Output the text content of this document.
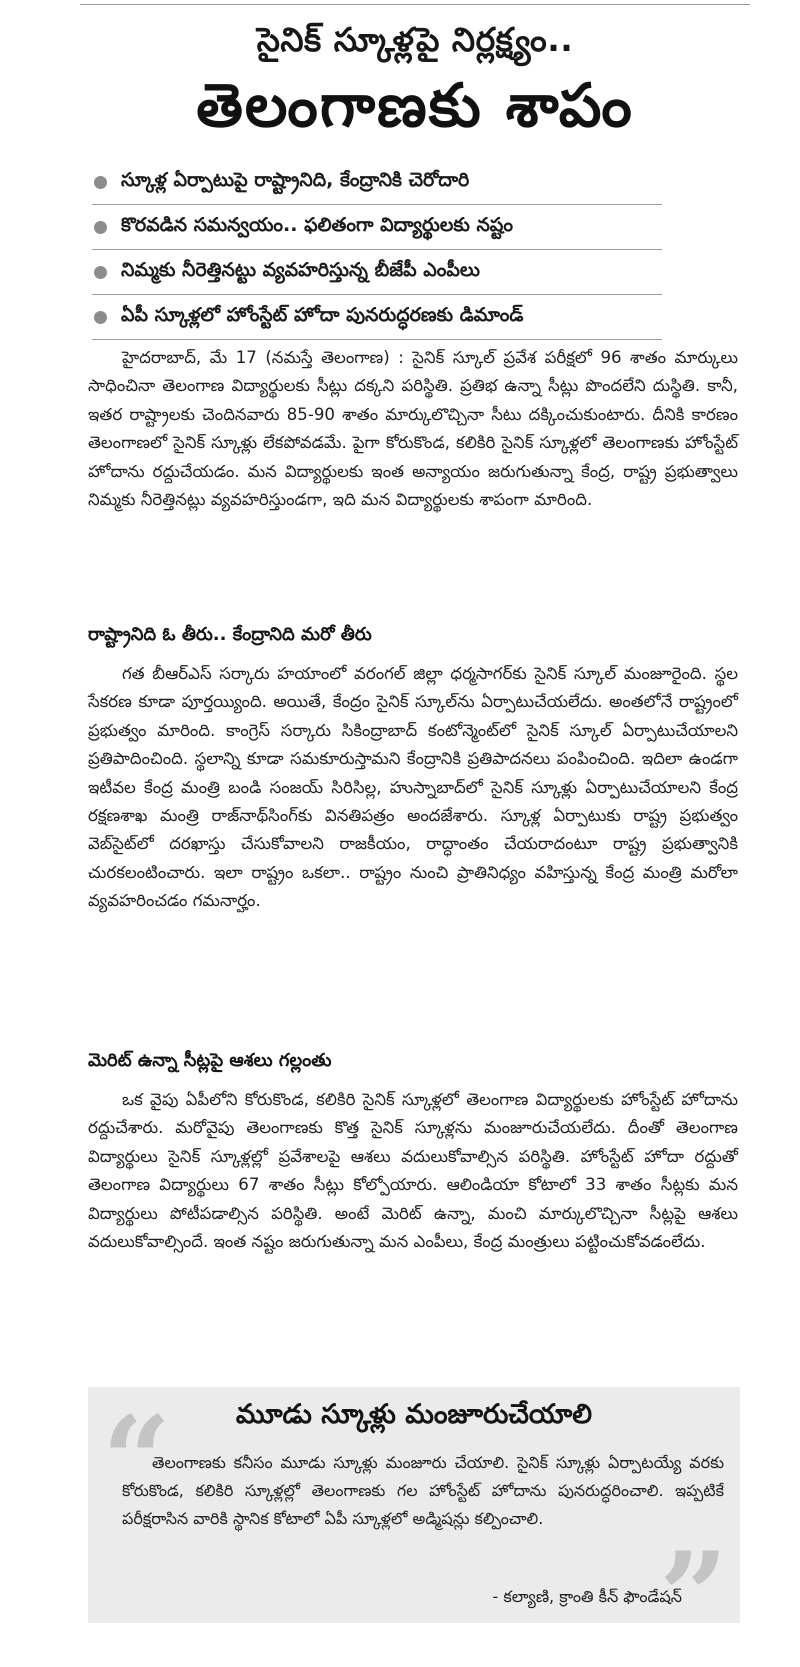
సైనిక్ స్కూళ్లపై నిర్లక్ష్యం..
తెలంగాణకు శాపం
స్కూళ్ల ఏర్పాటుపై రాష్ట్రానిది, కేంద్రానికి చెరోదారి
కొరవడిన సమన్వయం.. ఫలితంగా విద్యార్థులకు నష్టం
నిమ్మకు నీరెత్తినట్టు వ్యవహరిస్తున్న బీజేపీ ఎంపీలు
ఏపీ స్కూళ్లలో హోంస్టేట్ హోదా పునరుద్ధరణకు డిమాండ్

హైదరాబాద్, మే 17 (నమస్తే తెలంగాణ) : సైనిక్ స్కూల్ ప్రవేశ పరీక్షలో 96 శాతం మార్కులు సాధించినా తెలంగాణ విద్యార్థులకు సీట్లు దక్కని పరిస్థితి. ప్రతిభ ఉన్నా సీట్లు పొందలేని దుస్థితి. కానీ, ఇతర రాష్ట్రాలకు చెందినవారు 85-90 శాతం మార్కులొచ్చినా సీటు దక్కించుకుంటారు. దీనికి కారణం తెలంగాణలో సైనిక్ స్కూళ్లు లేకపోవడమే. పైగా కోరుకొండ, కలికిరి సైనిక్ స్కూళ్లలో తెలంగాణకు హోంస్టేట్ హోదాను రద్దుచేయడం. మన విద్యార్థులకు ఇంత అన్యాయం జరుగుతున్నా కేంద్ర, రాష్ట్ర ప్రభుత్వాలు నిమ్మకు నీరెత్తినట్లు వ్యవహరిస్తుండగా, ఇది మన విద్యార్థులకు శాపంగా మారింది.

రాష్ట్రానిది ఓ తీరు.. కేంద్రానిది మరో తీరు

గత బీఆర్ఎస్ సర్కారు హయాంలో వరంగల్ జిల్లా ధర్మసాగర్‌కు సైనిక్ స్కూల్ మంజూరైంది. స్థల సేకరణ కూడా పూర్తయ్యింది. అయితే, కేంద్రం సైనిక్ స్కూల్‌ను ఏర్పాటుచేయలేదు. అంతలోనే రాష్ట్రంలో ప్రభుత్వం మారింది. కాంగ్రెస్ సర్కారు సికింద్రాబాద్ కంటోన్మెంట్‌లో సైనిక్ స్కూల్ ఏర్పాటుచేయాలని ప్రతిపాదించింది. స్థలాన్ని కూడా సమకూరుస్తామని కేంద్రానికి ప్రతిపాదనలు పంపించింది. ఇదిలా ఉండగా ఇటీవల కేంద్ర మంత్రి బండి సంజయ్ సిరిసిల్ల, హుస్నాబాద్‌లో సైనిక్ స్కూళ్లు ఏర్పాటుచేయాలని కేంద్ర రక్షణశాఖ మంత్రి రాజ్‌నాథ్‌సింగ్‌కు వినతిపత్రం అందజేశారు. స్కూళ్ల ఏర్పాటుకు రాష్ట్ర ప్రభుత్వం వెబ్‌సైట్‌లో దరఖాస్తు చేసుకోవాలని రాజకీయం, రాద్ధాంతం చేయరాదంటూ రాష్ట్ర ప్రభుత్వానికి చురకలంటించారు. ఇలా రాష్ట్రం ఒకలా.. రాష్ట్రం నుంచి ప్రాతినిధ్యం వహిస్తున్న కేంద్ర మంత్రి మరోలా వ్యవహరించడం గమనార్హం.

మెరిట్ ఉన్నా సీట్లపై ఆశలు గల్లంతు

ఒక వైపు ఏపీలోని కోరుకొండ, కలికిరి సైనిక్ స్కూళ్లలో తెలంగాణ విద్యార్థులకు హోంస్టేట్ హోదాను రద్దుచేశారు. మరోవైపు తెలంగాణకు కొత్త సైనిక్ స్కూళ్లను మంజూరుచేయలేదు. దీంతో తెలంగాణ విద్యార్థులు సైనిక్ స్కూళ్లల్లో ప్రవేశాలపై ఆశలు వదులుకోవాల్సిన పరిస్థితి. హోంస్టేట్ హోదా రద్దుతో తెలంగాణ విద్యార్థులు 67 శాతం సీట్లు కోల్పోయారు. ఆలిండియా కోటాలో 33 శాతం సీట్లకు మన విద్యార్థులు పోటీపడాల్సిన పరిస్థితి. అంటే మెరిట్ ఉన్నా, మంచి మార్కులొచ్చినా సీట్లపై ఆశలు వదులుకోవాల్సిందే. ఇంత నష్టం జరుగుతున్నా మన ఎంపీలు, కేంద్ర మంత్రులు పట్టించుకోవడంలేదు.

“
”
మూడు స్కూళ్లు మంజూరుచేయాలి

తెలంగాణకు కనీసం మూడు స్కూళ్లు మంజూరు చేయాలి. సైనిక్ స్కూళ్లు ఏర్పాటయ్యే వరకు కోరుకొండ, కలికిరి స్కూళ్లల్లో తెలంగాణకు గల హోంస్టేట్ హోదాను పునరుద్ధరించాలి. ఇప్పటికే పరీక్షరాసిన వారికి స్థానిక కోటాలో ఏపీ స్కూళ్లలో అడ్మిషన్లు కల్పించాలి.

- కల్యాణి, క్రాంతి కీన్ ఫౌండేషన్
